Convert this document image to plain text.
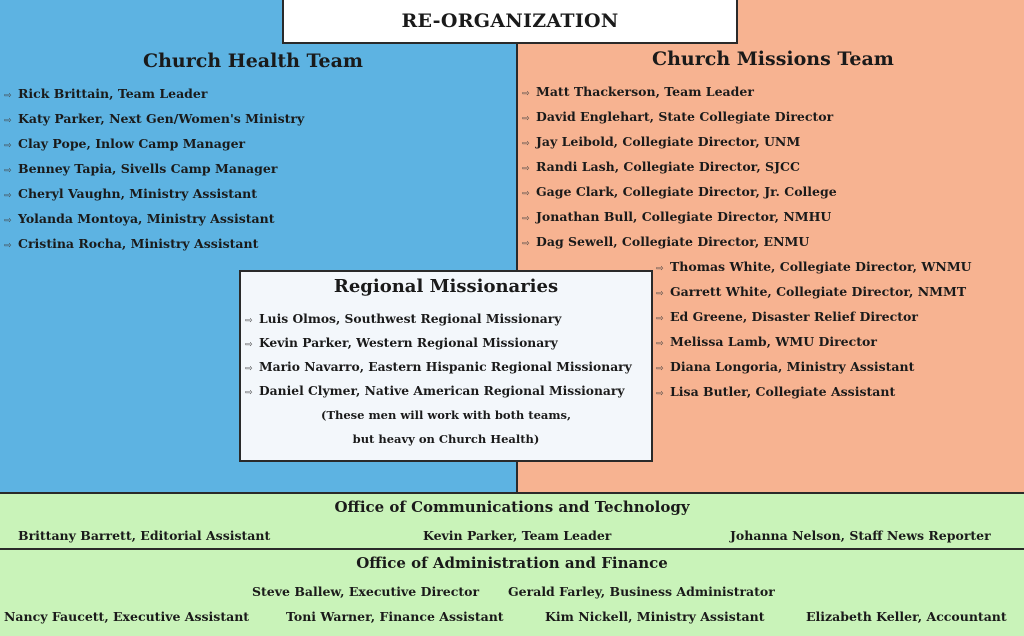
RE-ORGANIZATION
Church Health Team
⇨ Rick Brittain, Team Leader
⇨ Katy Parker, Next Gen/Women's Ministry
⇨ Clay Pope, Inlow Camp Manager
⇨ Benney Tapia, Sivells Camp Manager
⇨ Cheryl Vaughn, Ministry Assistant
⇨ Yolanda Montoya, Ministry Assistant
⇨ Cristina Rocha, Ministry Assistant
Church Missions Team
⇨ Matt Thackerson, Team Leader
⇨ David Englehart, State Collegiate Director
⇨ Jay Leibold, Collegiate Director, UNM
⇨ Randi Lash, Collegiate Director, SJCC
⇨ Gage Clark, Collegiate Director, Jr. College
⇨ Jonathan Bull, Collegiate Director, NMHU
⇨ Dag Sewell, Collegiate Director, ENMU
⇨ Thomas White, Collegiate Director, WNMU
⇨ Garrett White, Collegiate Director, NMMT
⇨ Ed Greene, Disaster Relief Director
⇨ Melissa Lamb, WMU Director
⇨ Diana Longoria, Ministry Assistant
⇨ Lisa Butler, Collegiate Assistant
Regional Missionaries
⇨ Luis Olmos, Southwest Regional Missionary
⇨ Kevin Parker, Western Regional Missionary
⇨ Mario Navarro, Eastern Hispanic Regional Missionary
⇨ Daniel Clymer, Native American Regional Missionary
(These men will work with both teams,
but heavy on Church Health)
Office of Communications and Technology
Brittany Barrett, Editorial Assistant	Kevin Parker, Team Leader	Johanna Nelson, Staff News Reporter
Office of Administration and Finance
Steve Ballew, Executive Director Gerald Farley, Business Administrator
Nancy Faucett, Executive Assistant	Toni Warner, Finance Assistant	Kim Nickell, Ministry Assistant	Elizabeth Keller, Accountant
